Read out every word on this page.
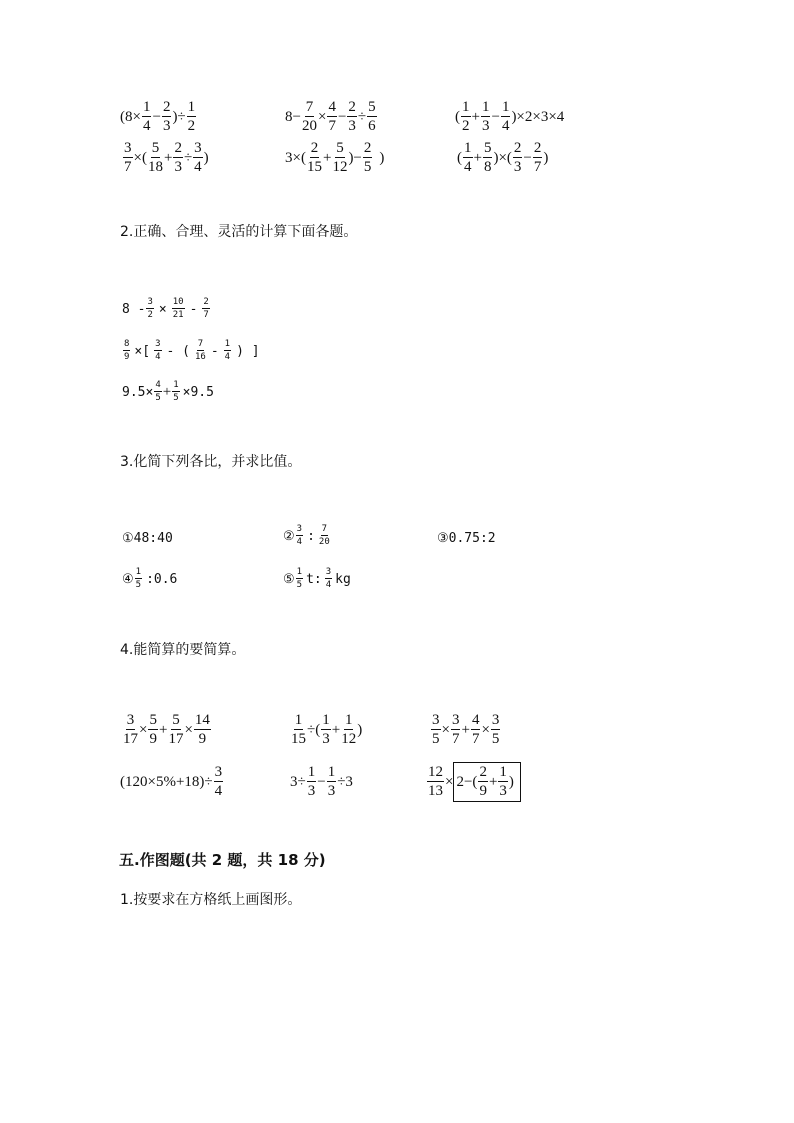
($8\times \frac{1}{4} - \frac{2}{3}$ )÷ $\frac{1}{2}$	$8- \frac{7}{20} \times \frac{4}{7} - \frac{2}{3} \div \frac{5}{6}$	( $\frac{1}{2} + \frac{1}{3} - \frac{1}{4} )\times 2\times 3\times 4$
$\frac{3}{7}$ ×( $\frac{5}{18} + \frac{2}{3} \div \frac{3}{4}$ )	$3\times( \frac{2}{15} + \frac{5}{12}$ )− $\frac{2}{5}$ )	( $\frac{1}{4} + \frac{5}{8}$ )×( $\frac{2}{3} - \frac{2}{7}$ )
2.正确、合理、灵活的计算下面各题。
$8 - \frac{3}{2} \times \frac{10}{21} - \frac{2}{7}$
$\frac{8}{9}$ ×[ $\frac{3}{4}$ - ( $\frac{7}{16} - \frac{1}{4}$ ) ]
$9.5\times \frac{4}{5} + \frac{1}{5} \times 9.5$
3.化简下列各比，并求比值。
①48:40	② $\frac{3}{4}$ : $\frac{7}{20}$	③0.75:2
④ $\frac{1}{5}$ :0.6	⑤ $\frac{1}{5} t$: $\frac{3}{4}$ kg
4.能简算的要简算。
$\frac{3}{17} \times \frac{5}{9} + \frac{5}{17} \times \frac{14}{9}$	$\frac{1}{15}$ ÷( $\frac{1}{3} + \frac{1}{12}$ )	$\frac{3}{5} \times \frac{3}{7} + \frac{4}{7} \times \frac{3}{5}$
$(120\times 5\%+18)\div \frac{3}{4}$	$3\div \frac{1}{3} - \frac{1}{3} \div 3$	$\frac{12}{13} \times 2-( \frac{2}{9} + \frac{1}{3}$ )
五.作图题(共 2 题，共 18 分)
1.按要求在方格纸上画图形。
